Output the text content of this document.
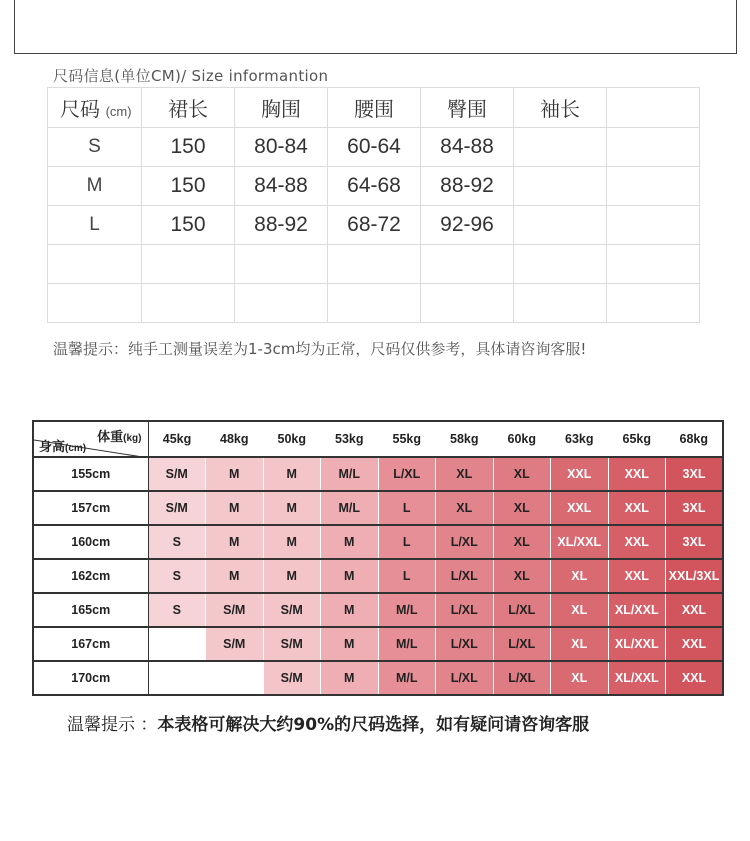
尺码信息(单位CM)/ Size informantion
尺码 (cm)	裙长	胸围	腰围	臀围	袖长	
S	150	80-84	60-64	84-88		
M	150	84-88	64-68	88-92		
L	150	88-92	68-72	92-96		

温馨提示：纯手工测量误差为1-3cm均为正常，尺码仅供参考，具体请咨询客服!
体重(kg)
身高(cm)	45kg	48kg	50kg	53kg	55kg	58kg	60kg	63kg	65kg	68kg
155cm	S/M	M	M	M/L	L/XL	XL	XL	XXL	XXL	3XL
157cm	S/M	M	M	M/L	L	XL	XL	XXL	XXL	3XL
160cm	S	M	M	M	L	L/XL	XL	XL/XXL	XXL	3XL
162cm	S	M	M	M	L	L/XL	XL	XL	XXL	XXL/3XL
165cm	S	S/M	S/M	M	M/L	L/XL	L/XL	XL	XL/XXL	XXL
167cm		S/M	S/M	M	M/L	L/XL	L/XL	XL	XL/XXL	XXL
170cm			S/M	M	M/L	L/XL	L/XL	XL	XL/XXL	XXL
温馨提示 ：本表格可解决大约90%的尺码选择，如有疑问请咨询客服
